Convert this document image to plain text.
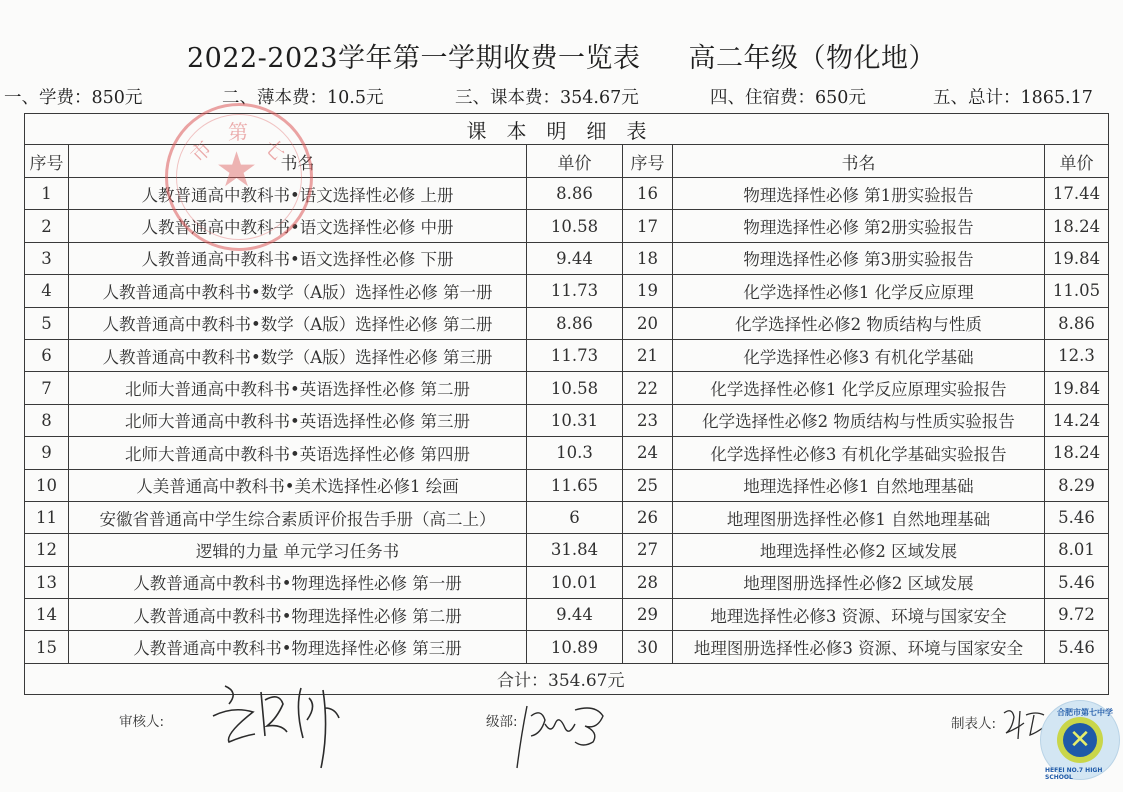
2022-2023学年第一学期收费一览表 高二年级（物化地）
一、学费：850元	二、薄本费：10.5元	三、课本费：354.67元	四、住宿费：650元	五、总计：1865.17
课本明细表					
序号	书名	单价	序号	书名	单价
1	人教普通高中教科书•语文选择性必修 上册	8.86	16	物理选择性必修 第1册实验报告	17.44
2	人教普通高中教科书•语文选择性必修 中册	10.58	17	物理选择性必修 第2册实验报告	18.24
3	人教普通高中教科书•语文选择性必修 下册	9.44	18	物理选择性必修 第3册实验报告	19.84
4	人教普通高中教科书•数学（A版）选择性必修 第一册	11.73	19	化学选择性必修1 化学反应原理	11.05
5	人教普通高中教科书•数学（A版）选择性必修 第二册	8.86	20	化学选择性必修2 物质结构与性质	8.86
6	人教普通高中教科书•数学（A版）选择性必修 第三册	11.73	21	化学选择性必修3 有机化学基础	12.3
7	北师大普通高中教科书•英语选择性必修 第二册	10.58	22	化学选择性必修1 化学反应原理实验报告	19.84
8	北师大普通高中教科书•英语选择性必修 第三册	10.31	23	化学选择性必修2 物质结构与性质实验报告	14.24
9	北师大普通高中教科书•英语选择性必修 第四册	10.3	24	化学选择性必修3 有机化学基础实验报告	18.24
10	人美普通高中教科书•美术选择性必修1 绘画	11.65	25	地理选择性必修1 自然地理基础	8.29
11	安徽省普通高中学生综合素质评价报告手册（高二上）	6	26	地理图册选择性必修1 自然地理基础	5.46
12	逻辑的力量 单元学习任务书	31.84	27	地理选择性必修2 区域发展	8.01
13	人教普通高中教科书•物理选择性必修 第一册	10.01	28	地理图册选择性必修2 区域发展	5.46
14	人教普通高中教科书•物理选择性必修 第二册	9.44	29	地理选择性必修3 资源、环境与国家安全	9.72
15	人教普通高中教科书•物理选择性必修 第三册	10.89	30	地理图册选择性必修3 资源、环境与国家安全	5.46
合计：354.67元					
市
第
七
★
审核人:	级部:	制表人:
合肥市第七中学
✕
HEFEI NO.7 HIGH SCHOOL
